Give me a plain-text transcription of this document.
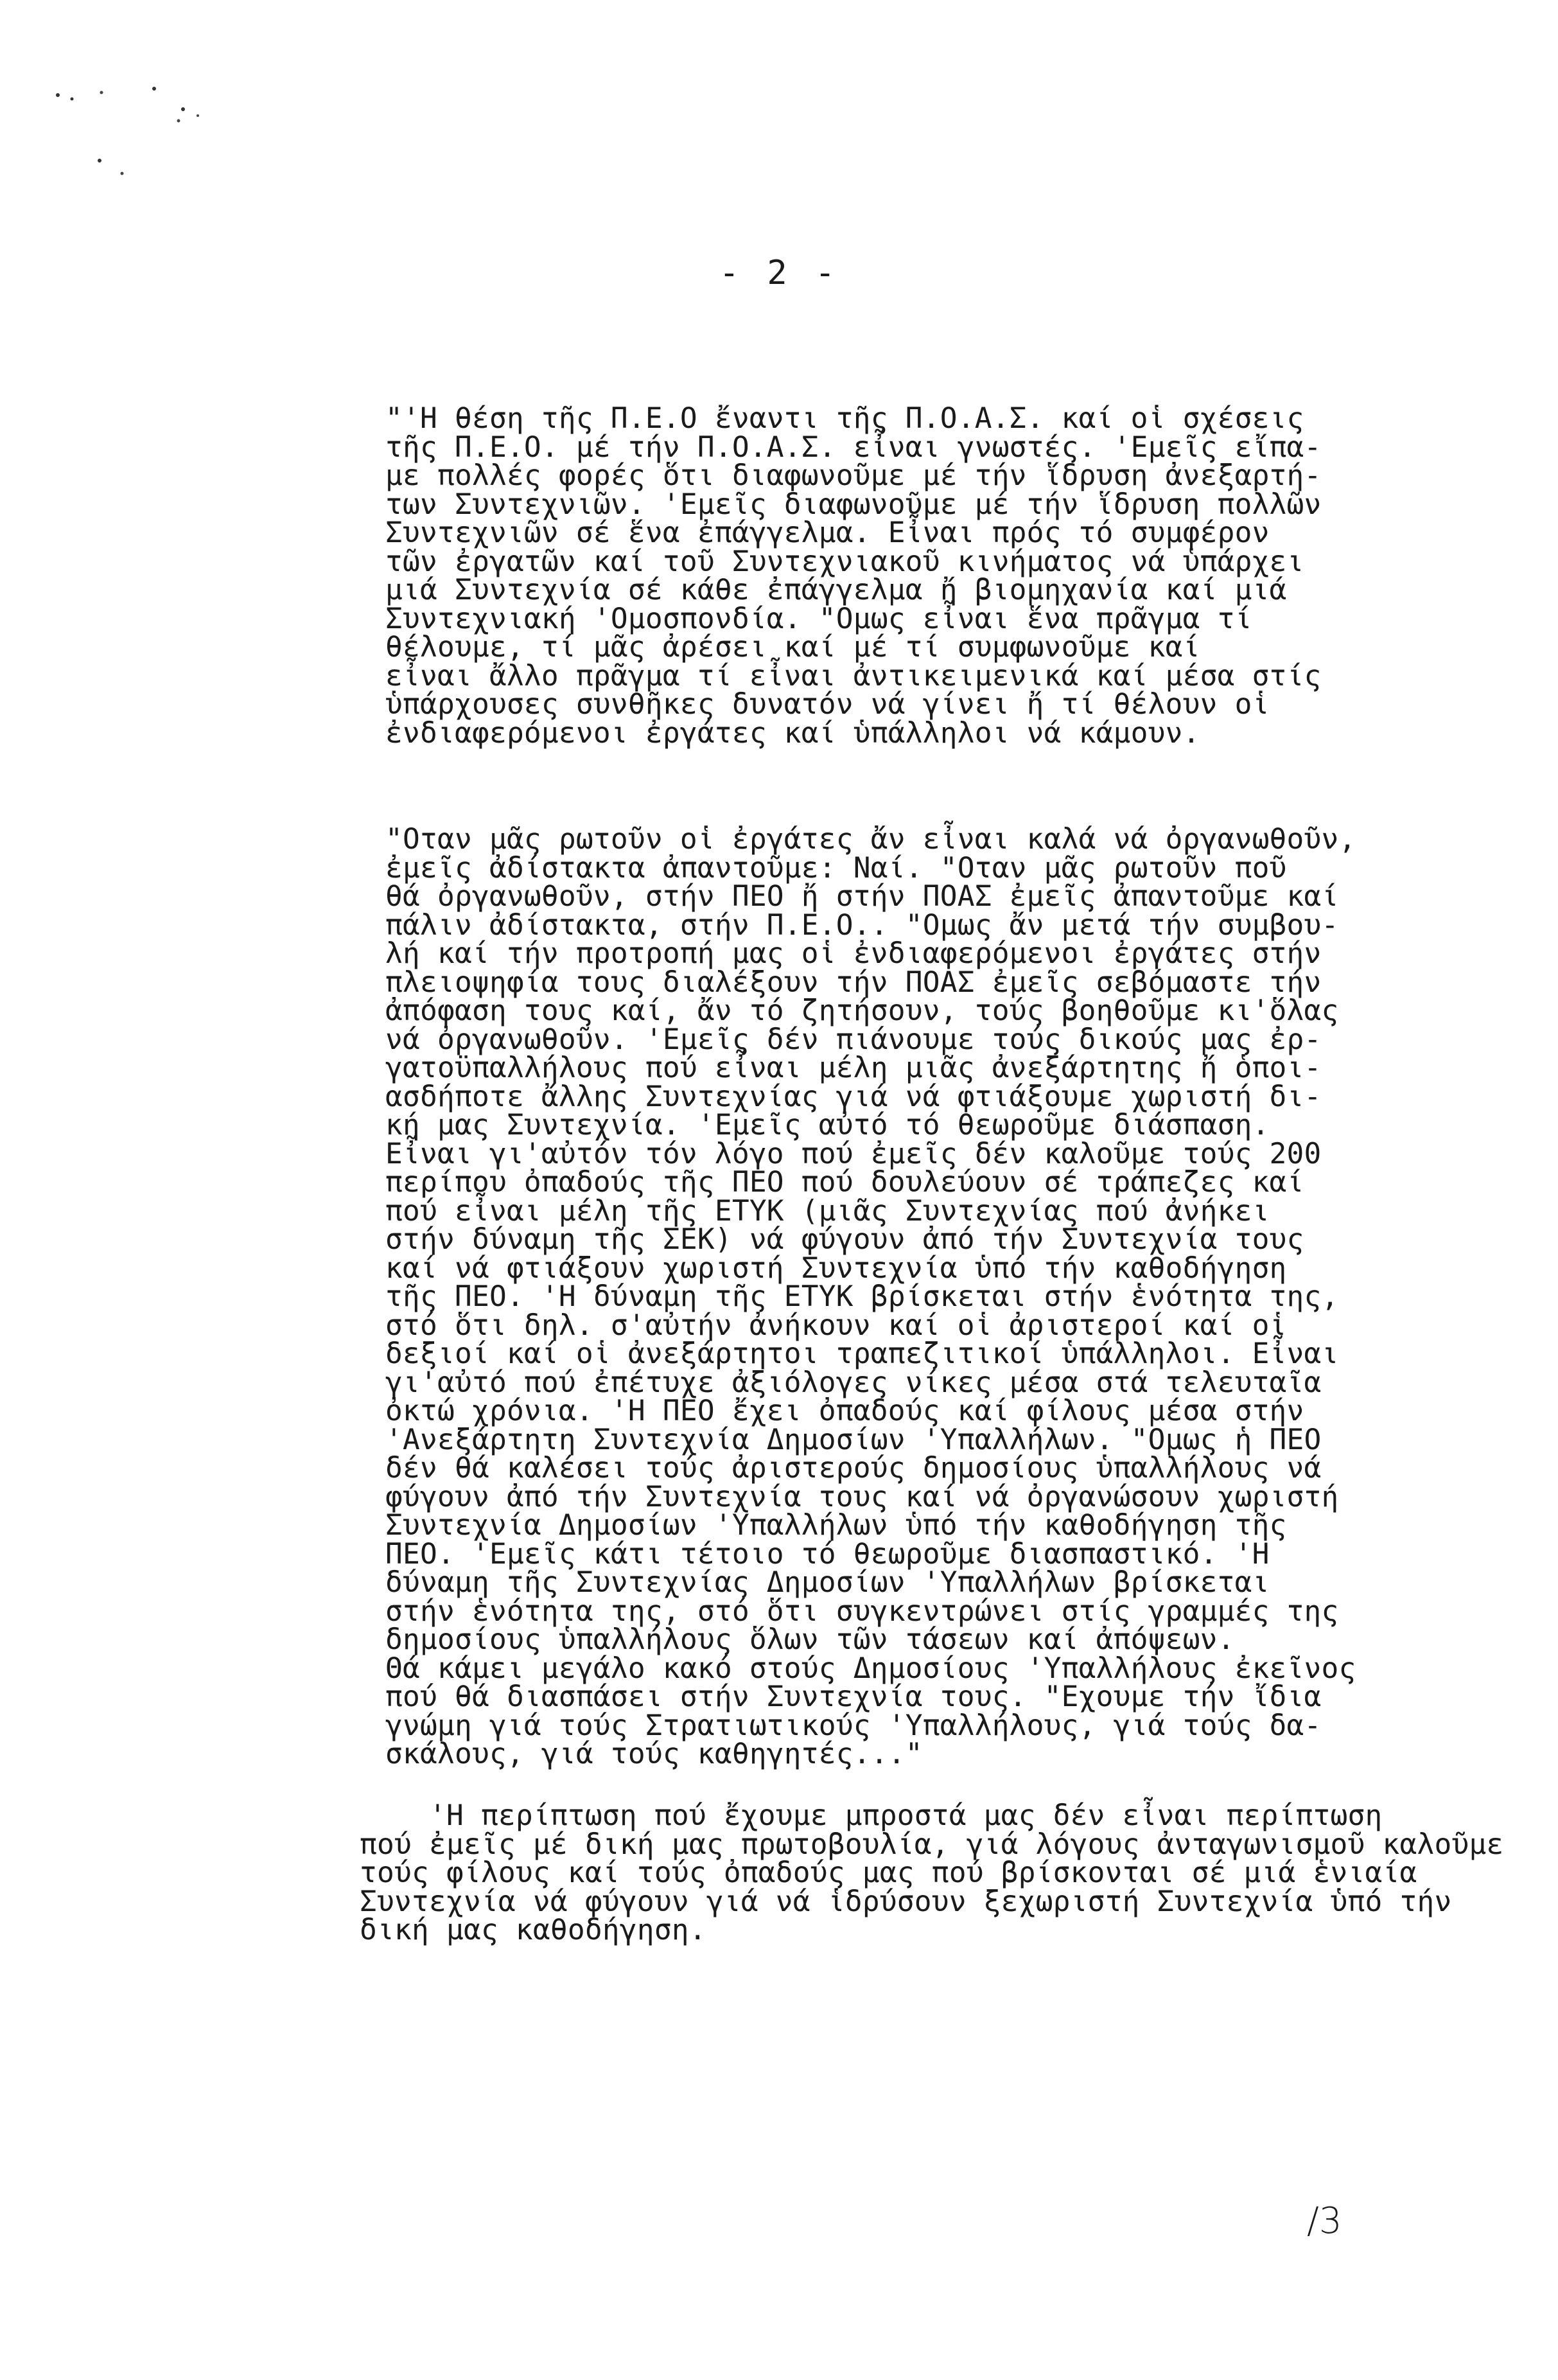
- 2 -
"'Η θέση τῆς Π.Ε.Ο ἔναντι τῆς Π.Ο.Α.Σ. καί οἱ σχέσεις
τῆς Π.Ε.Ο. μέ τήν Π.Ο.Α.Σ. εἶναι γνωστές. 'Εμεῖς εἴπα-
με πολλές φορές ὅτι διαφωνοῦμε μέ τήν ἵδρυση ἀνεξαρτή-
των Συντεχνιῶν. 'Εμεῖς διαφωνοῦμε μέ τήν ἵδρυση πολλῶν
Συντεχνιῶν σέ ἕνα ἐπάγγελμα. Εἶναι πρός τό συμφέρον
τῶν ἐργατῶν καί τοῦ Συντεχνιακοῦ κινήματος νά ὑπάρχει
μιά Συντεχνία σέ κάθε ἐπάγγελμα ἤ βιομηχανία καί μιά
Συντεχνιακή 'Ομοσπονδία. "Ομως εἶναι ἕνα πρᾶγμα τί
θέλουμε, τί μᾶς ἀρέσει καί μέ τί συμφωνοῦμε καί
εἶναι ἄλλο πρᾶγμα τί εἶναι ἀντικειμενικά καί μέσα στίς
ὑπάρχουσες συνθῆκες δυνατόν νά γίνει ἤ τί θέλουν οἱ
ἐνδιαφερόμενοι ἐργάτες καί ὑπάλληλοι νά κάμουν.
"Οταν μᾶς ρωτοῦν οἱ ἐργάτες ἄν εἶναι καλά νά ὀργανωθοῦν,
ἐμεῖς ἀδίστακτα ἀπαντοῦμε: Ναί. "Οταν μᾶς ρωτοῦν ποῦ
θά ὀργανωθοῦν, στήν ΠΕΟ ἤ στήν ΠΟΑΣ ἐμεῖς ἀπαντοῦμε καί
πάλιν ἀδίστακτα, στήν Π.Ε.Ο.. "Ομως ἄν μετά τήν συμβου-
λή καί τήν προτροπή μας οἱ ἐνδιαφερόμενοι ἐργάτες στήν
πλειοψηφία τους διαλέξουν τήν ΠΟΑΣ ἐμεῖς σεβόμαστε τήν
ἀπόφαση τους καί, ἄν τό ζητήσουν, τούς βοηθοῦμε κι'ὅλας
νά ὀργανωθοῦν. 'Εμεῖς δέν πιάνουμε τούς δικούς μας ἐρ-
γατοϋπαλλήλους πού εἶναι μέλη μιᾶς ἀνεξάρτητης ἤ ὁποι-
ασδήποτε ἄλλης Συντεχνίας γιά νά φτιάξουμε χωριστή δι-
κή μας Συντεχνία. 'Εμεῖς αὐτό τό θεωροῦμε διάσπαση.
Εἶναι γι'αὐτόν τόν λόγο πού ἐμεῖς δέν καλοῦμε τούς 200
περίπου ὀπαδούς τῆς ΠΕΟ πού δουλεύουν σέ τράπεζες καί
πού εἶναι μέλη τῆς ΕΤΥΚ (μιᾶς Συντεχνίας πού ἀνήκει
στήν δύναμη τῆς ΣΕΚ) νά φύγουν ἀπό τήν Συντεχνία τους
καί νά φτιάξουν χωριστή Συντεχνία ὑπό τήν καθοδήγηση
τῆς ΠΕΟ. 'Η δύναμη τῆς ΕΤΥΚ βρίσκεται στήν ἑνότητα της,
στό ὅτι δηλ. σ'αὐτήν ἀνήκουν καί οἱ ἀριστεροί καί οἱ
δεξιοί καί οἱ ἀνεξάρτητοι τραπεζιτικοί ὑπάλληλοι. Εἶναι
γι'αὐτό πού ἐπέτυχε ἀξιόλογες νίκες μέσα στά τελευταῖα
ὀκτώ χρόνια. 'Η ΠΕΟ ἔχει ὀπαδούς καί φίλους μέσα στήν
'Ανεξάρτητη Συντεχνία Δημοσίων 'Υπαλλήλων. "Ομως ἡ ΠΕΟ
δέν θά καλέσει τούς ἀριστερούς δημοσίους ὑπαλλήλους νά
φύγουν ἀπό τήν Συντεχνία τους καί νά ὀργανώσουν χωριστή
Συντεχνία Δημοσίων 'Υπαλλήλων ὑπό τήν καθοδήγηση τῆς
ΠΕΟ. 'Εμεῖς κάτι τέτοιο τό θεωροῦμε διασπαστικό. 'Η
δύναμη τῆς Συντεχνίας Δημοσίων 'Υπαλλήλων βρίσκεται
στήν ἑνότητα της, στό ὅτι συγκεντρώνει στίς γραμμές της
δημοσίους ὑπαλλήλους ὅλων τῶν τάσεων καί ἀπόψεων.
Θά κάμει μεγάλο κακό στούς Δημοσίους 'Υπαλλήλους ἐκεῖνος
πού θά διασπάσει στήν Συντεχνία τους. "Εχουμε τήν ἴδια
γνώμη γιά τούς Στρατιωτικούς 'Υπαλλήλους, γιά τούς δα-
σκάλους, γιά τούς καθηγητές..."
'Η περίπτωση πού ἔχουμε μπροστά μας δέν εἶναι περίπτωση
πού ἐμεῖς μέ δική μας πρωτοβουλία, γιά λόγους ἀνταγωνισμοῦ καλοῦμε
τούς φίλους καί τούς ὀπαδούς μας πού βρίσκονται σέ μιά ἑνιαία
Συντεχνία νά φύγουν γιά νά ἱδρύσουν ξεχωριστή Συντεχνία ὑπό τήν
δική μας καθοδήγηση.
/3
